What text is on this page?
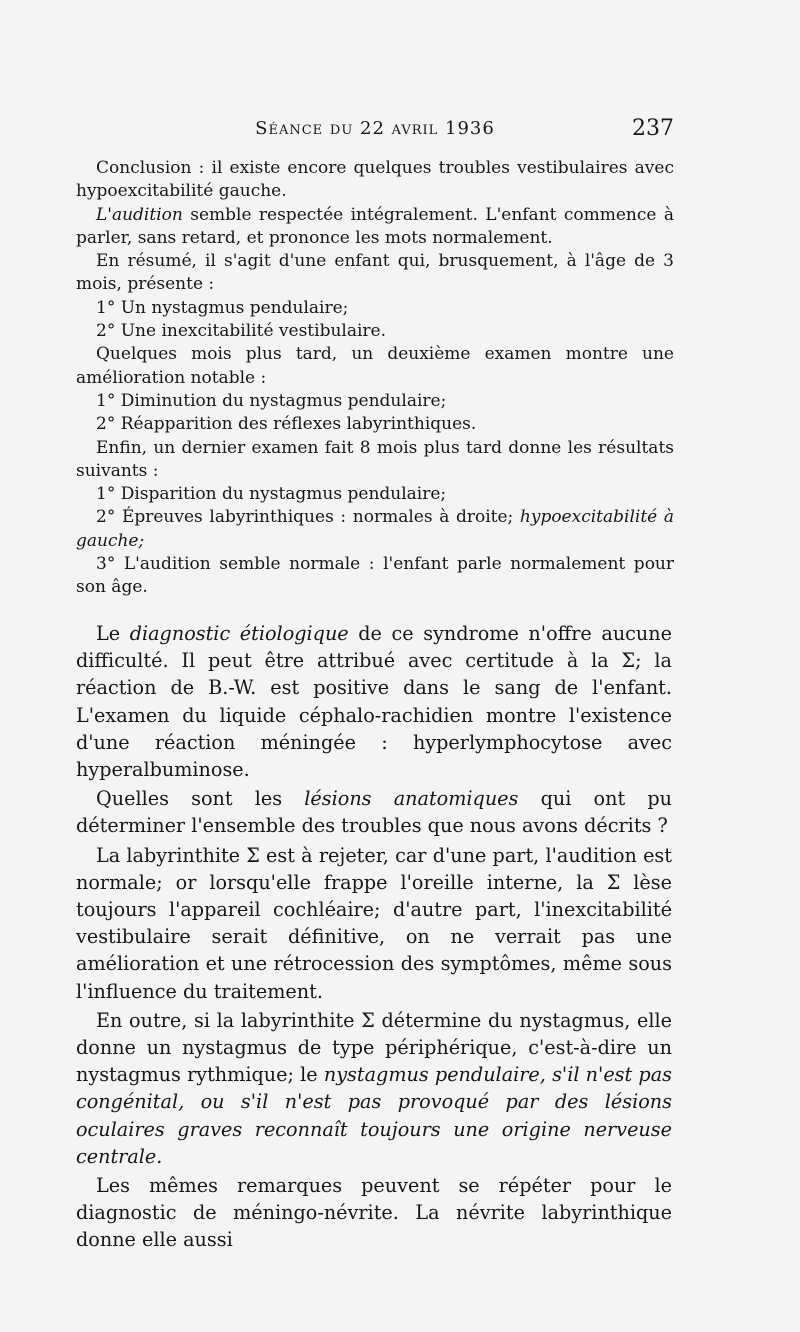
Séance du 22 avril 1936	237

Conclusion : il existe encore quelques troubles vestibulaires avec hypoexcitabilité gauche.

L'audition semble respectée intégralement. L'enfant commence à parler, sans retard, et prononce les mots normalement.

En résumé, il s'agit d'une enfant qui, brusquement, à l'âge de 3 mois, présente :

1° Un nystagmus pendulaire;

2° Une inexcitabilité vestibulaire.

Quelques mois plus tard, un deuxième examen montre une amélioration notable :

1° Diminution du nystagmus pendulaire;

2° Réapparition des réflexes labyrinthiques.

Enfin, un dernier examen fait 8 mois plus tard donne les résultats suivants :

1° Disparition du nystagmus pendulaire;

2° Épreuves labyrinthiques : normales à droite; hypoexcitabilité à gauche;

3° L'audition semble normale : l'enfant parle normalement pour son âge.

Le diagnostic étiologique de ce syndrome n'offre aucune difficulté. Il peut être attribué avec certitude à la Σ; la réaction de B.-W. est positive dans le sang de l'enfant. L'examen du liquide céphalo-rachidien montre l'existence d'une réaction méningée : hyperlymphocytose avec hyperalbuminose.

Quelles sont les lésions anatomiques qui ont pu déterminer l'ensemble des troubles que nous avons décrits ?

La labyrinthite Σ est à rejeter, car d'une part, l'audition est normale; or lorsqu'elle frappe l'oreille interne, la Σ lèse toujours l'appareil cochléaire; d'autre part, l'inexcitabilité vestibulaire serait définitive, on ne verrait pas une amélioration et une rétrocession des symptômes, même sous l'influence du traitement.

En outre, si la labyrinthite Σ détermine du nystagmus, elle donne un nystagmus de type périphérique, c'est-à-dire un nystagmus rythmique; le nystagmus pendulaire, s'il n'est pas congénital, ou s'il n'est pas provoqué par des lésions oculaires graves reconnaît toujours une origine nerveuse centrale.

Les mêmes remarques peuvent se répéter pour le diagnostic de méningo-névrite. La névrite labyrinthique donne elle aussi
